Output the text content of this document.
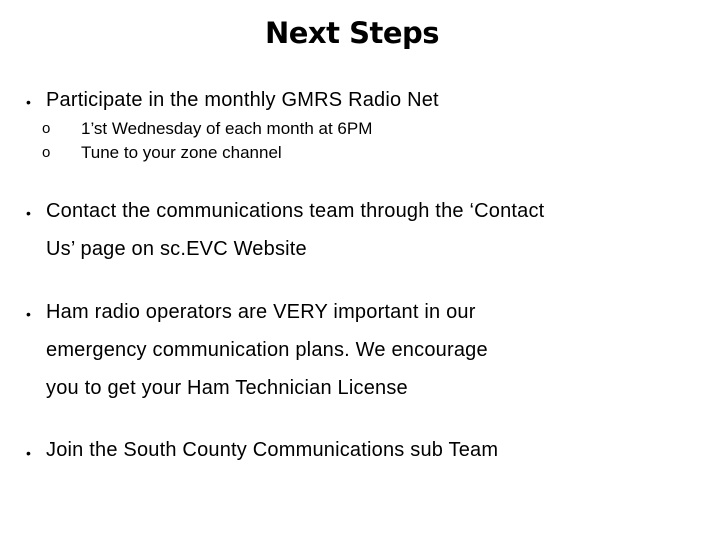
Next Steps
• Participate in the monthly GMRS Radio Net
o 1’st Wednesday of each month at 6PM
o Tune to your zone channel
• Contact the communications team through the ‘Contact
Us’ page on sc.EVC Website
• Ham radio operators are VERY important in our
emergency communication plans. We encourage
you to get your Ham Technician License
• Join the South County Communications sub Team
